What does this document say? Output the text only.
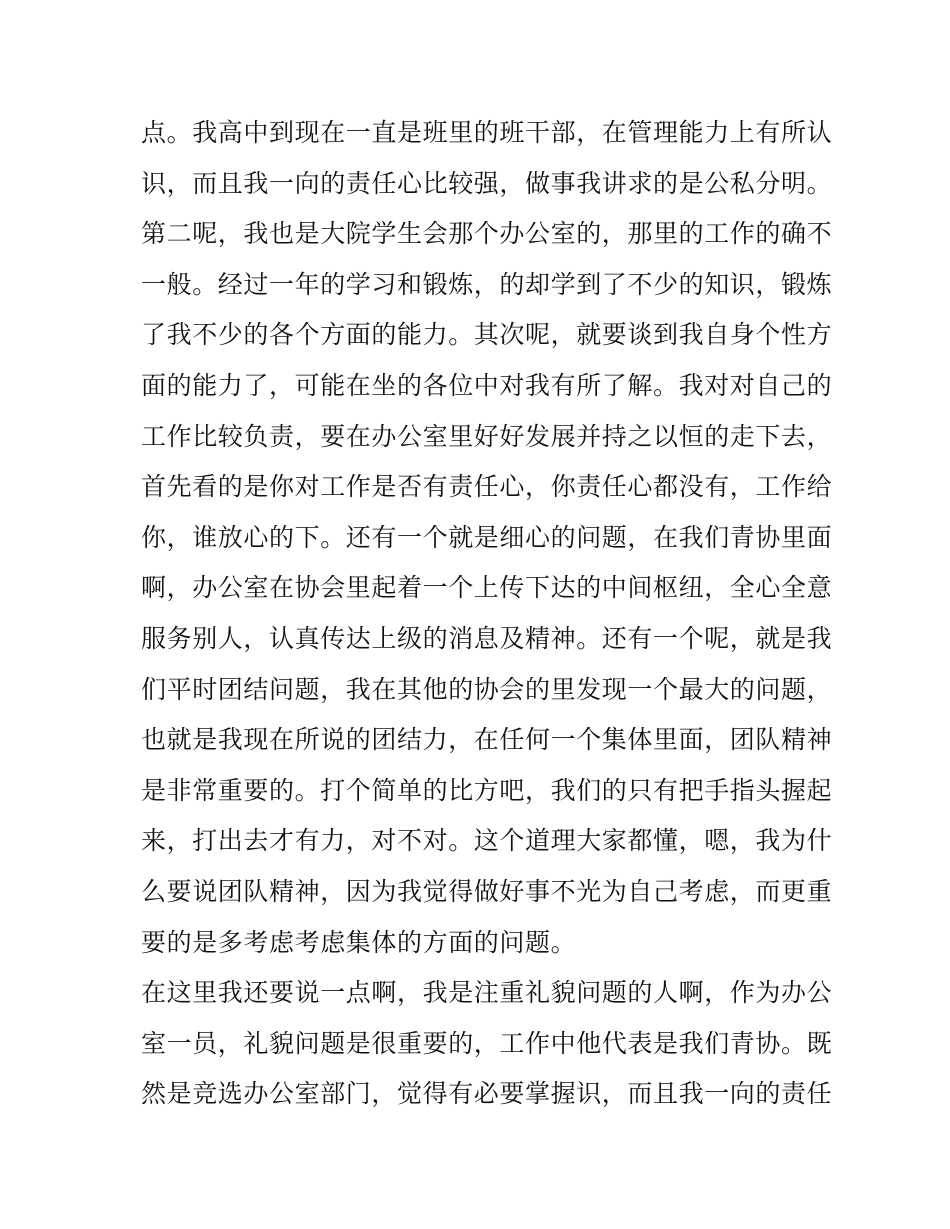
点。我高中到现在一直是班里的班干部，在管理能力上有所认
识，而且我一向的责任心比较强，做事我讲求的是公私分明。
第二呢，我也是大院学生会那个办公室的，那里的工作的确不
一般。经过一年的学习和锻炼，的却学到了不少的知识，锻炼
了我不少的各个方面的能力。其次呢，就要谈到我自身个性方
面的能力了，可能在坐的各位中对我有所了解。我对对自己的
工作比较负责，要在办公室里好好发展并持之以恒的走下去，
首先看的是你对工作是否有责任心，你责任心都没有，工作给
你，谁放心的下。还有一个就是细心的问题，在我们青协里面
啊，办公室在协会里起着一个上传下达的中间枢纽，全心全意
服务别人，认真传达上级的消息及精神。还有一个呢，就是我
们平时团结问题，我在其他的协会的里发现一个最大的问题，
也就是我现在所说的团结力，在任何一个集体里面，团队精神
是非常重要的。打个简单的比方吧，我们的只有把手指头握起
来，打出去才有力，对不对。这个道理大家都懂，嗯，我为什
么要说团队精神，因为我觉得做好事不光为自己考虑，而更重
要的是多考虑考虑集体的方面的问题。
在这里我还要说一点啊，我是注重礼貌问题的人啊，作为办公
室一员，礼貌问题是很重要的，工作中他代表是我们青协。既
然是竞选办公室部门，觉得有必要掌握识，而且我一向的责任
